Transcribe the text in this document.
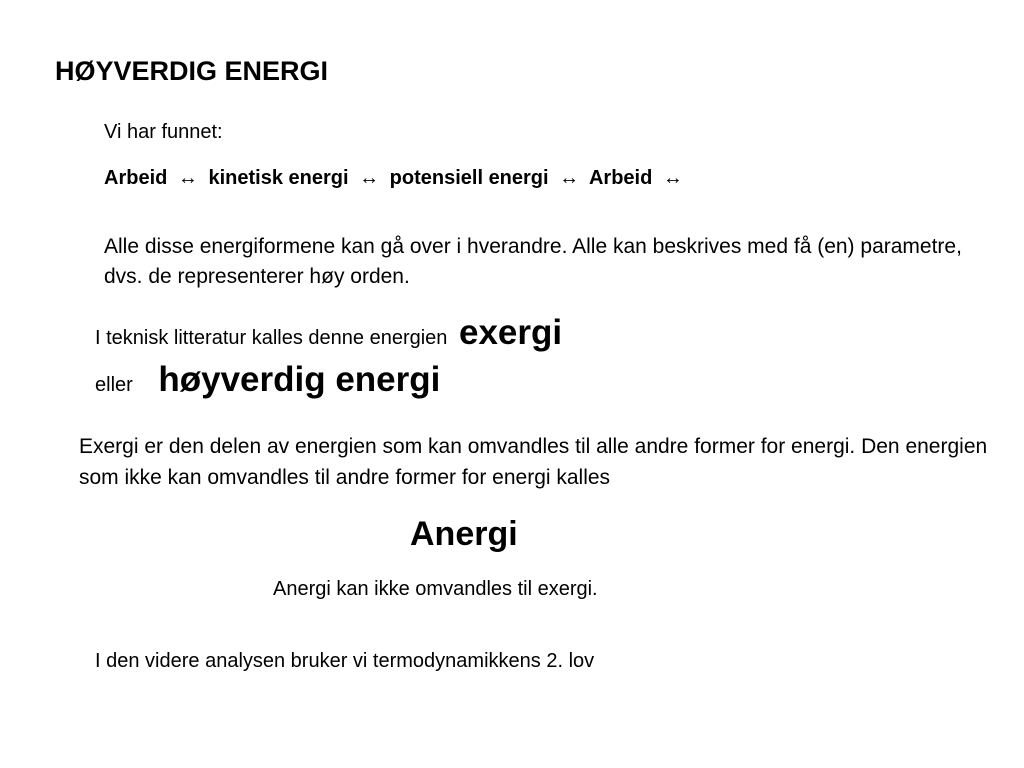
HØYVERDIG ENERGI
Vi har funnet:
Arbeid ↔ kinetisk energi ↔ potensiell energi ↔ Arbeid ↔
Alle disse energiformene kan gå over i hverandre. Alle kan beskrives med få (en) parametre, dvs. de representerer høy orden.
I teknisk litteratur kalles denne energien exergi
eller høyverdig energi
Exergi er den delen av energien som kan omvandles til alle andre former for energi. Den energien som ikke kan omvandles til andre former for energi kalles
Anergi
Anergi kan ikke omvandles til exergi.
I den videre analysen bruker vi termodynamikkens 2. lov
